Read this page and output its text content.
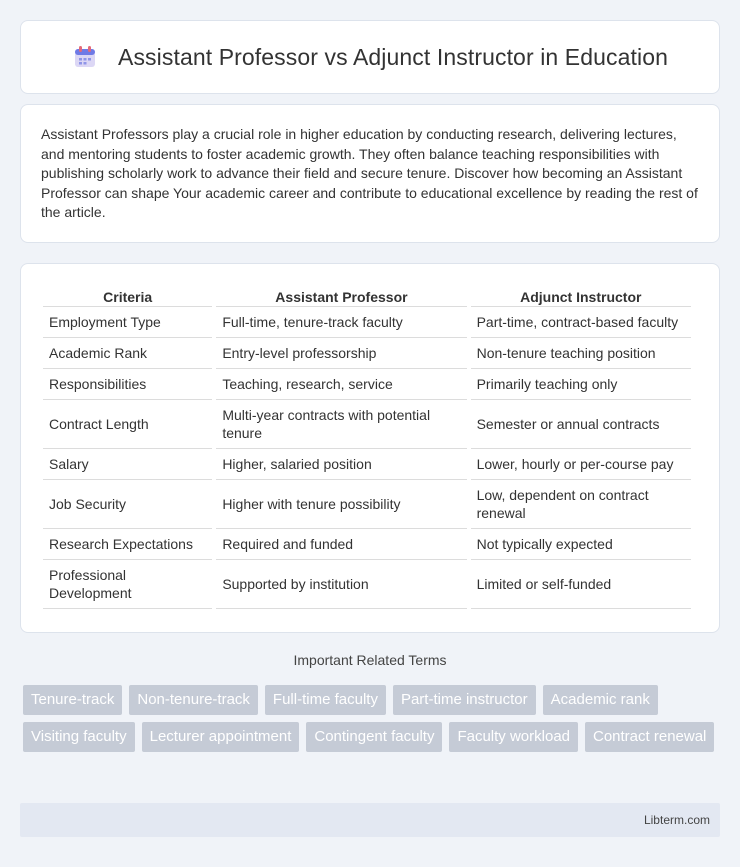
Assistant Professor vs Adjunct Instructor in Education

Assistant Professors play a crucial role in higher education by conducting research, delivering lectures, and mentoring students to foster academic growth. They often balance teaching responsibilities with publishing scholarly work to advance their field and secure tenure. Discover how becoming an Assistant Professor can shape Your academic career and contribute to educational excellence by reading the rest of the article.

Criteria	Assistant Professor	Adjunct Instructor
Employment Type	Full-time, tenure-track faculty	Part-time, contract-based faculty
Academic Rank	Entry-level professorship	Non-tenure teaching position
Responsibilities	Teaching, research, service	Primarily teaching only
Contract Length	Multi-year contracts with potential tenure	Semester or annual contracts
Salary	Higher, salaried position	Lower, hourly or per-course pay
Job Security	Higher with tenure possibility	Low, dependent on contract renewal
Research Expectations	Required and funded	Not typically expected
Professional Development	Supported by institution	Limited or self-funded
Important Related Terms
Tenure-track	Non-tenure-track	Full-time faculty	Part-time instructor	Academic rank
Visiting faculty	Lecturer appointment	Contingent faculty	Faculty workload	Contract renewal
Libterm.com
